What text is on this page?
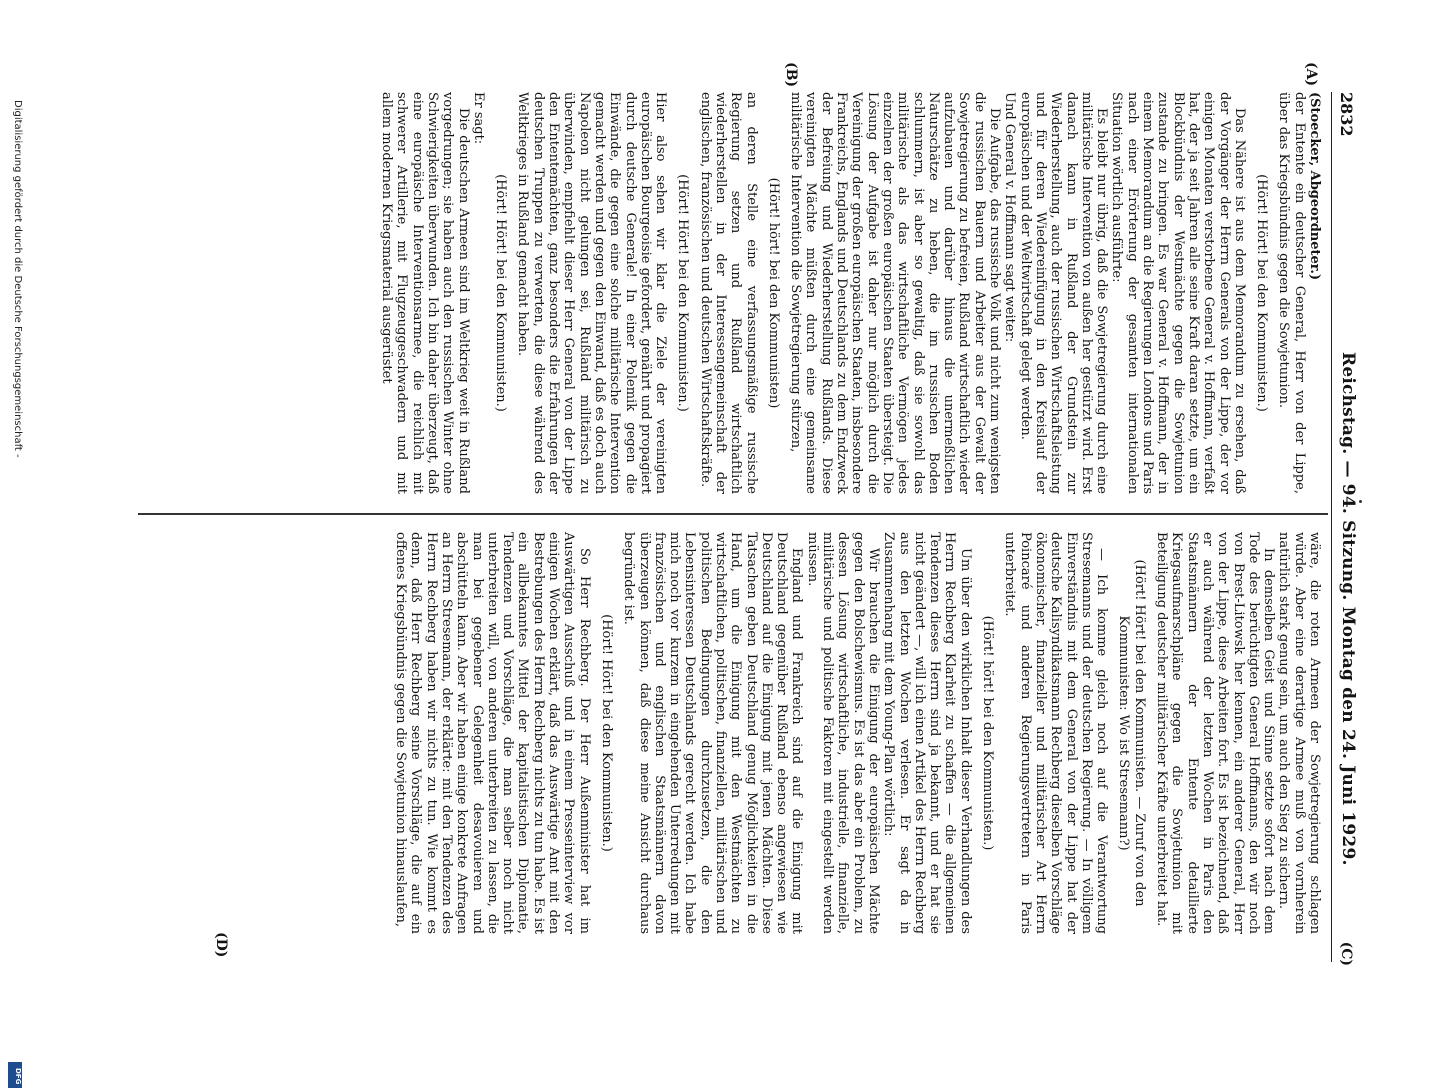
2832
Reichstag. — 94. Sitzung. Montag den 24. Juni 1929.
(C)
(A)
(B)
(D)

(Stoecker, Abgeordneter.)

der Entente ein deutscher General, Herr von der Lippe, über das Kriegsbündnis gegen die Sowjetunion.

(Hört! Hört! bei den Kommunisten.)

Das Nähere ist aus dem Memorandum zu ersehen, daß der Vorgänger der Herrn Generals von der Lippe, der vor einigen Monaten verstorbene General v. Hoffmann, verfaßt hat, der ja seit Jahren alle seine Kraft daran setzte, um ein Blockbündnis der Westmächte gegen die Sowjetunion zustande zu bringen. Es war General v. Hoffmann, der in einem Memorandum an die Regierungen Londons und Paris nach einer Erörterung der gesamten internationalen Situation wörtlich ausführte:

Es bleibt nur übrig, daß die Sowjetregierung durch eine militärische Intervention von außen her gestürzt wird. Erst danach kann in Rußland der Grundstein zur Wiederherstellung, auch der russischen Wirtschaftsleistung und für deren Wiedereinfügung in den Kreislauf der europäischen und der Weltwirtschaft gelegt werden.

Und General v. Hoffmann sagt weiter:

Die Aufgabe, das russische Volk und nicht zum wenigsten die russischen Bauern und Arbeiter aus der Gewalt der Sowjetregierung zu befreien, Rußland wirtschaftlich wieder aufzubauen und darüber hinaus die unermeßlichen Naturschätze zu heben, die im russischen Boden schlummern, ist aber so gewaltig, daß sie sowohl das militärische als das wirtschaftliche Vermögen jedes einzelnen der großen europäischen Staaten übersteigt. Die Lösung der Aufgabe ist daher nur möglich durch die Vereinigung der großen europäischen Staaten, insbesondere Frankreichs, Englands und Deutschlands zu dem Endzweck der Befreiung und Wiederherstellung Rußlands. Diese vereinigten Mächte müßten durch eine gemeinsame militärische Intervention die Sowjetregierung stürzen,

(Hört! hört! bei den Kommunisten)

an deren Stelle eine verfassungsmäßige russische Regierung setzen und Rußland wirtschaftlich wiederherstellen in der Interessengemeinschaft der englischen, französischen und deutschen Wirtschaftskräfte.

(Hört! Hört! bei den Kommunisten.)

Hier also sehen wir klar die Ziele der vereinigten europäischen Bourgeoisie gefordert, genährt und propagiert durch deutsche Generale! In einer Polemik gegen die Einwände, die gegen eine solche militärische Intervention gemacht werden und gegen den Einwand, daß es doch auch Napoleon nicht gelungen sei, Rußland militärisch zu überwinden, empfiehlt dieser Herr General von der Lippe den Ententemächten, ganz besonders die Erfahrungen der deutschen Truppen zu verwerten, die diese während des Weltkrieges in Rußland gemacht haben.

(Hört! Hört! bei den Kommunisten.)

Er sagt:

Die deutschen Armeen sind im Weltkrieg weit in Rußland vorgedrungen; sie haben auch den russischen Winter ohne Schwierigkeiten überwunden. Ich bin daher überzeugt, daß eine europäische Interventionsarmee, die reichlich mit schwerer Artillerie, mit Flugzeuggeschwadern und mit allem modernen Kriegsmaterial ausgerüstet

wäre, die roten Armeen der Sowjetregierung schlagen würde. Aber eine derartige Armee muß von vornherein natürlich stark genug sein, um auch den Sieg zu sichern.

In demselben Geist und Sinne setzte sofort nach dem Tode des berüchtigten General Hoffmanns, den wir noch von Brest-Litowsk her kennen, ein anderer General, Herr von der Lippe, diese Arbeiten fort. Es ist bezeichnend, daß er auch während der letzten Wochen in Paris den Staatsmännern der Entente detaillierte Kriegsaufmarschpläne gegen die Sowjetunion mit Beteiligung deutscher militärischer Kräfte unterbreitet hat.

(Hört! Hört! bei den Kommunisten. — Zuruf von den Kommunisten: Wo ist Stresemann?)

— Ich komme gleich noch auf die Verantwortung Stresemanns und der deutschen Regierung. — In völligem Einverständnis mit dem General von der Lippe hat der deutsche Kalisyndikatsmann Rechberg dieselben Vorschläge ökonomischer, finanzieller und militärischer Art Herrn Poincaré und anderen Regierungsvertretern in Paris unterbreitet.

(Hört! hört! bei den Kommunisten.)

Um über den wirklichen Inhalt dieser Verhandlungen des Herrn Rechberg Klarheit zu schaffen — die allgemeinen Tendenzen dieses Herrn sind ja bekannt, und er hat sie nicht geändert —, will ich einen Artikel des Herrn Rechberg aus den letzten Wochen verlesen. Er sagt da in Zusammenhang mit dem Young-Plan wörtlich:

Wir brauchen die Einigung der europäischen Mächte gegen den Bolschewismus. Es ist das aber ein Problem, zu dessen Lösung wirtschaftliche, industrielle, finanzielle, militärische und politische Faktoren mit eingestellt werden müssen.

England und Frankreich sind auf die Einigung mit Deutschland gegenüber Rußland ebenso angewiesen wie Deutschland auf die Einigung mit jenen Mächten. Diese Tatsachen geben Deutschland genug Möglichkeiten in die Hand, um die Einigung mit den Westmächten zu wirtschaftlichen, politischen, finanziellen, militärischen und politischen Bedingungen durchzusetzen, die den Lebensinteressen Deutschlands gerecht werden. Ich habe mich noch vor kurzem in eingehenden Unterredungen mit französischen und englischen Staatsmännern davon überzeugen können, daß diese meine Ansicht durchaus begründet ist.

(Hört! Hört! bei den Kommunisten.)

So Herr Rechberg. Der Herr Außenminister hat im Auswärtigen Ausschuß und in einem Presseinterview vor einigen Wochen erklärt, daß das Auswärtige Amt mit den Bestrebungen des Herrn Rechberg nichts zu tun habe. Es ist ein allbekanntes Mittel der kapitalistischen Diplomatie, Tendenzen und Vorschläge, die man selber noch nicht unterbreiten will, von anderen unterbreiten zu lassen, die man bei gegebener Gelegenheit desavouieren und abschütteln kann. Aber wir haben einige konkrete Anfragen an Herrn Stresemann, der erklärte: mit den Tendenzen des Herrn Rechberg haben wir nichts zu tun. Wie kommt es denn, daß Herr Rechberg seine Vorschläge, die auf ein offenes Kriegsbündnis gegen die Sowjetunion hinauslaufen,

Digitalisierung gefördert durch die Deutsche Forschungsgemeinschaft -
DFG
